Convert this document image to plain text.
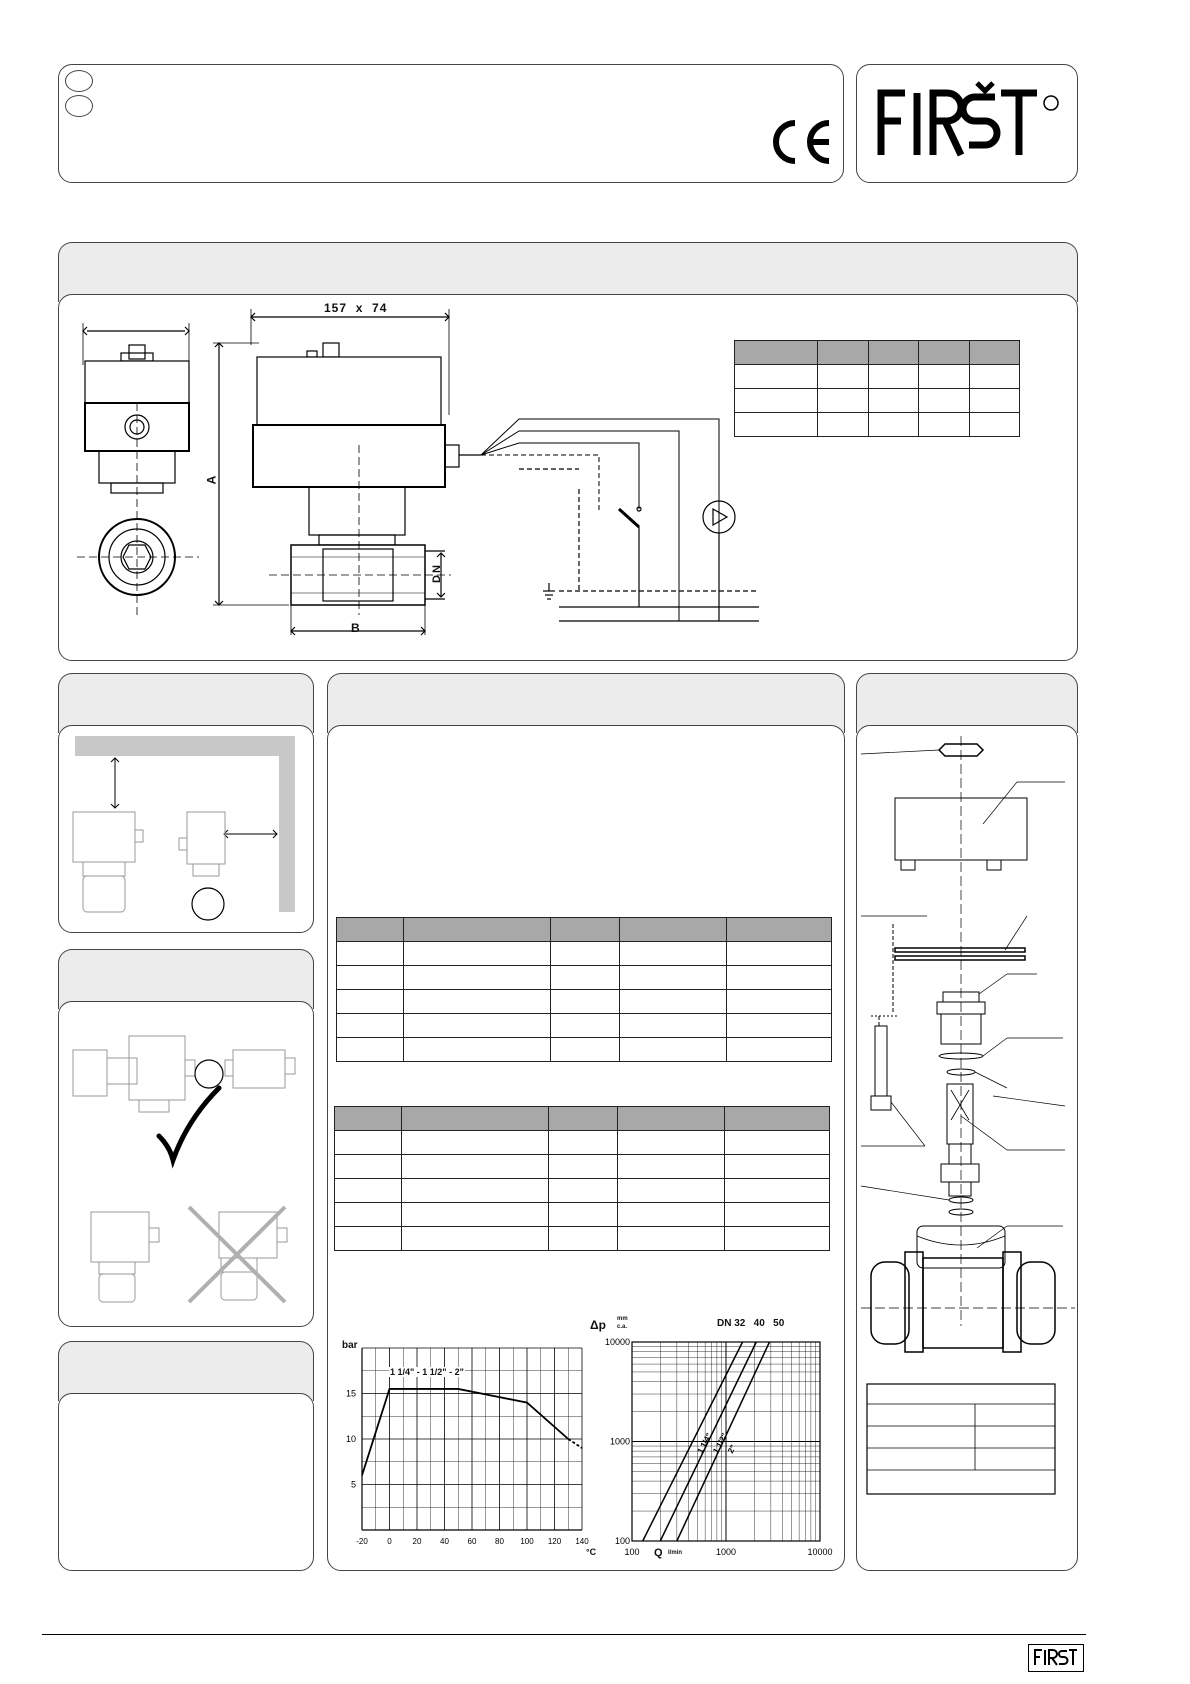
157  x  74
A
B
DN

bar
15
10
5
-20 0	20 40 60 80 100 120 140
1 1/4" - 1 1/2" - 2"
°C
Δp mm
c.a.	DN 32   40   50
1 1/4"
1 1/2"
2"
10000
1000
100
100	1000	10000
Q l/min
